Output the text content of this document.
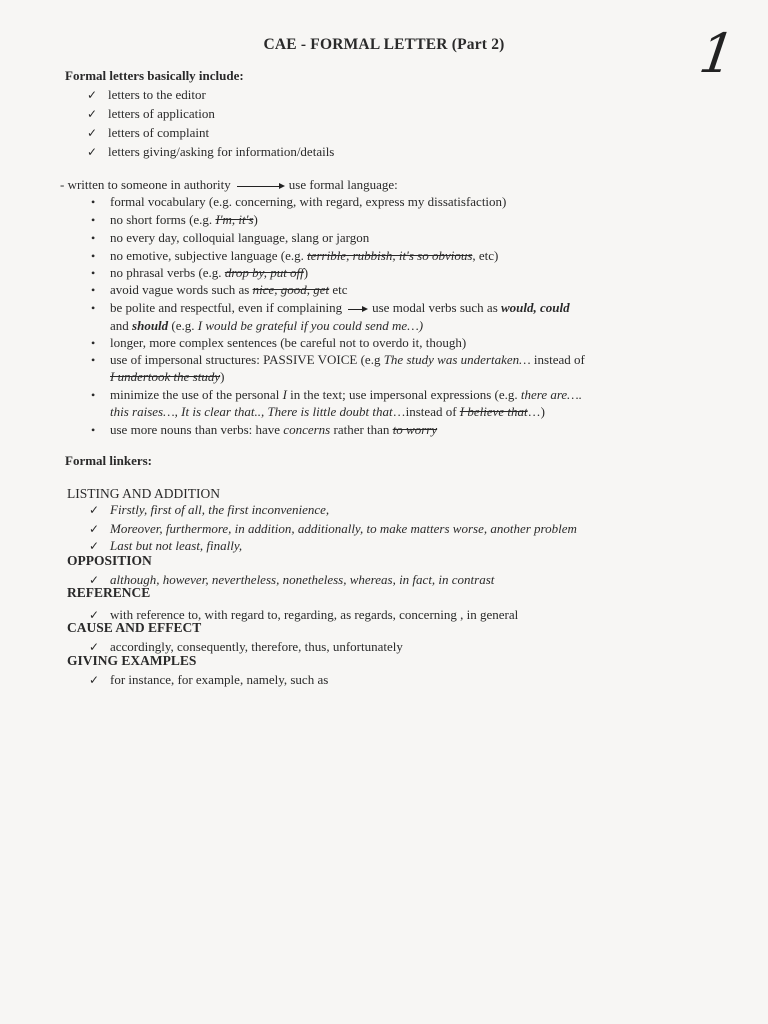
CAE - FORMAL LETTER (Part 2)	1
Formal letters basically include:
✓ letters to the editor
✓ letters of application
✓ letters of complaint
✓ letters giving/asking for information/details
- written to someone in authority	use formal language:
• formal vocabulary (e.g. concerning, with regard, express my dissatisfaction)
• no short forms (e.g. I'm, it's)
• no every day, colloquial language, slang or jargon
• no emotive, subjective language (e.g. terrible, rubbish, it's so obvious, etc)
• no phrasal verbs (e.g. drop by, put off)
• avoid vague words such as nice, good, get etc
• be polite and respectful, even if complaining use modal verbs such as would, could
and should (e.g. I would be grateful if you could send me…)
• longer, more complex sentences (be careful not to overdo it, though)
• use of impersonal structures: PASSIVE VOICE (e.g The study was undertaken… instead of
I undertook the study)
• minimize the use of the personal I in the text; use impersonal expressions (e.g. there are….
this raises…, It is clear that.., There is little doubt that…instead of I believe that…)
• use more nouns than verbs: have concerns rather than to worry
Formal linkers:
LISTING AND ADDITION
✓ Firstly, first of all, the first inconvenience,
✓ Moreover, furthermore, in addition, additionally, to make matters worse, another problem
✓ Last but not least, finally,
OPPOSITION
✓ although, however, nevertheless, nonetheless, whereas, in fact, in contrast
REFERENCE
✓ with reference to, with regard to, regarding, as regards, concerning , in general
CAUSE AND EFFECT
✓ accordingly, consequently, therefore, thus, unfortunately
GIVING EXAMPLES
✓ for instance, for example, namely, such as
